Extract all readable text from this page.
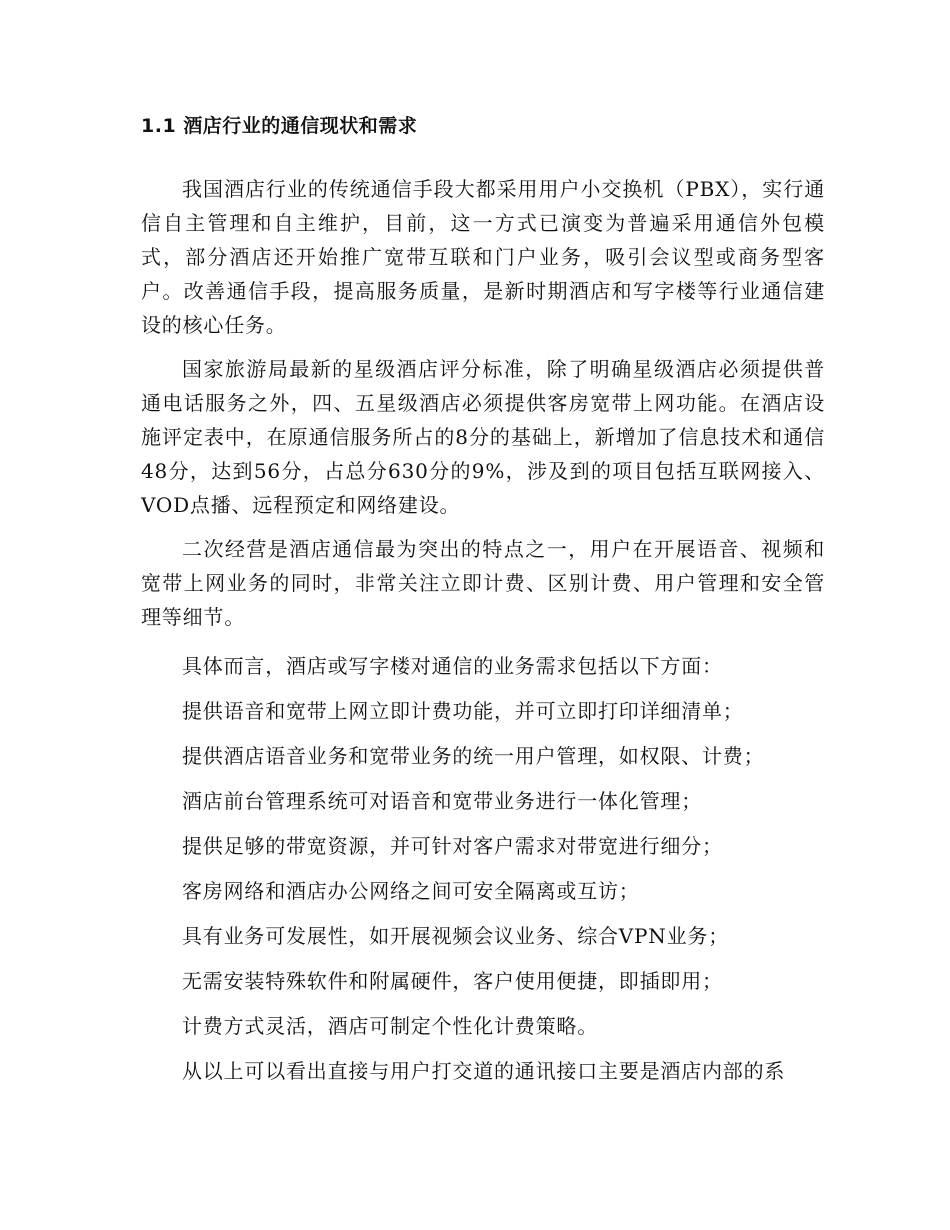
1.1 酒店行业的通信现状和需求

我国酒店行业的传统通信手段大都采用用户小交换机（PBX），实行通信自主管理和自主维护，目前，这一方式已演变为普遍采用通信外包模式，部分酒店还开始推广宽带互联和门户业务，吸引会议型或商务型客户。改善通信手段，提高服务质量，是新时期酒店和写字楼等行业通信建设的核心任务。

国家旅游局最新的星级酒店评分标准，除了明确星级酒店必须提供普通电话服务之外，四、五星级酒店必须提供客房宽带上网功能。在酒店设施评定表中，在原通信服务所占的8分的基础上，新增加了信息技术和通信48分，达到56分，占总分630分的9%，涉及到的项目包括互联网接入、VOD点播、远程预定和网络建设。

二次经营是酒店通信最为突出的特点之一，用户在开展语音、视频和宽带上网业务的同时，非常关注立即计费、区别计费、用户管理和安全管理等细节。

具体而言，酒店或写字楼对通信的业务需求包括以下方面：

提供语音和宽带上网立即计费功能，并可立即打印详细清单；
提供酒店语音业务和宽带业务的统一用户管理，如权限、计费；
酒店前台管理系统可对语音和宽带业务进行一体化管理；
提供足够的带宽资源，并可针对客户需求对带宽进行细分；
客房网络和酒店办公网络之间可安全隔离或互访；
具有业务可发展性，如开展视频会议业务、综合VPN业务；
无需安装特殊软件和附属硬件，客户使用便捷，即插即用；
计费方式灵活，酒店可制定个性化计费策略。

从以上可以看出直接与用户打交道的通讯接口主要是酒店内部的系
